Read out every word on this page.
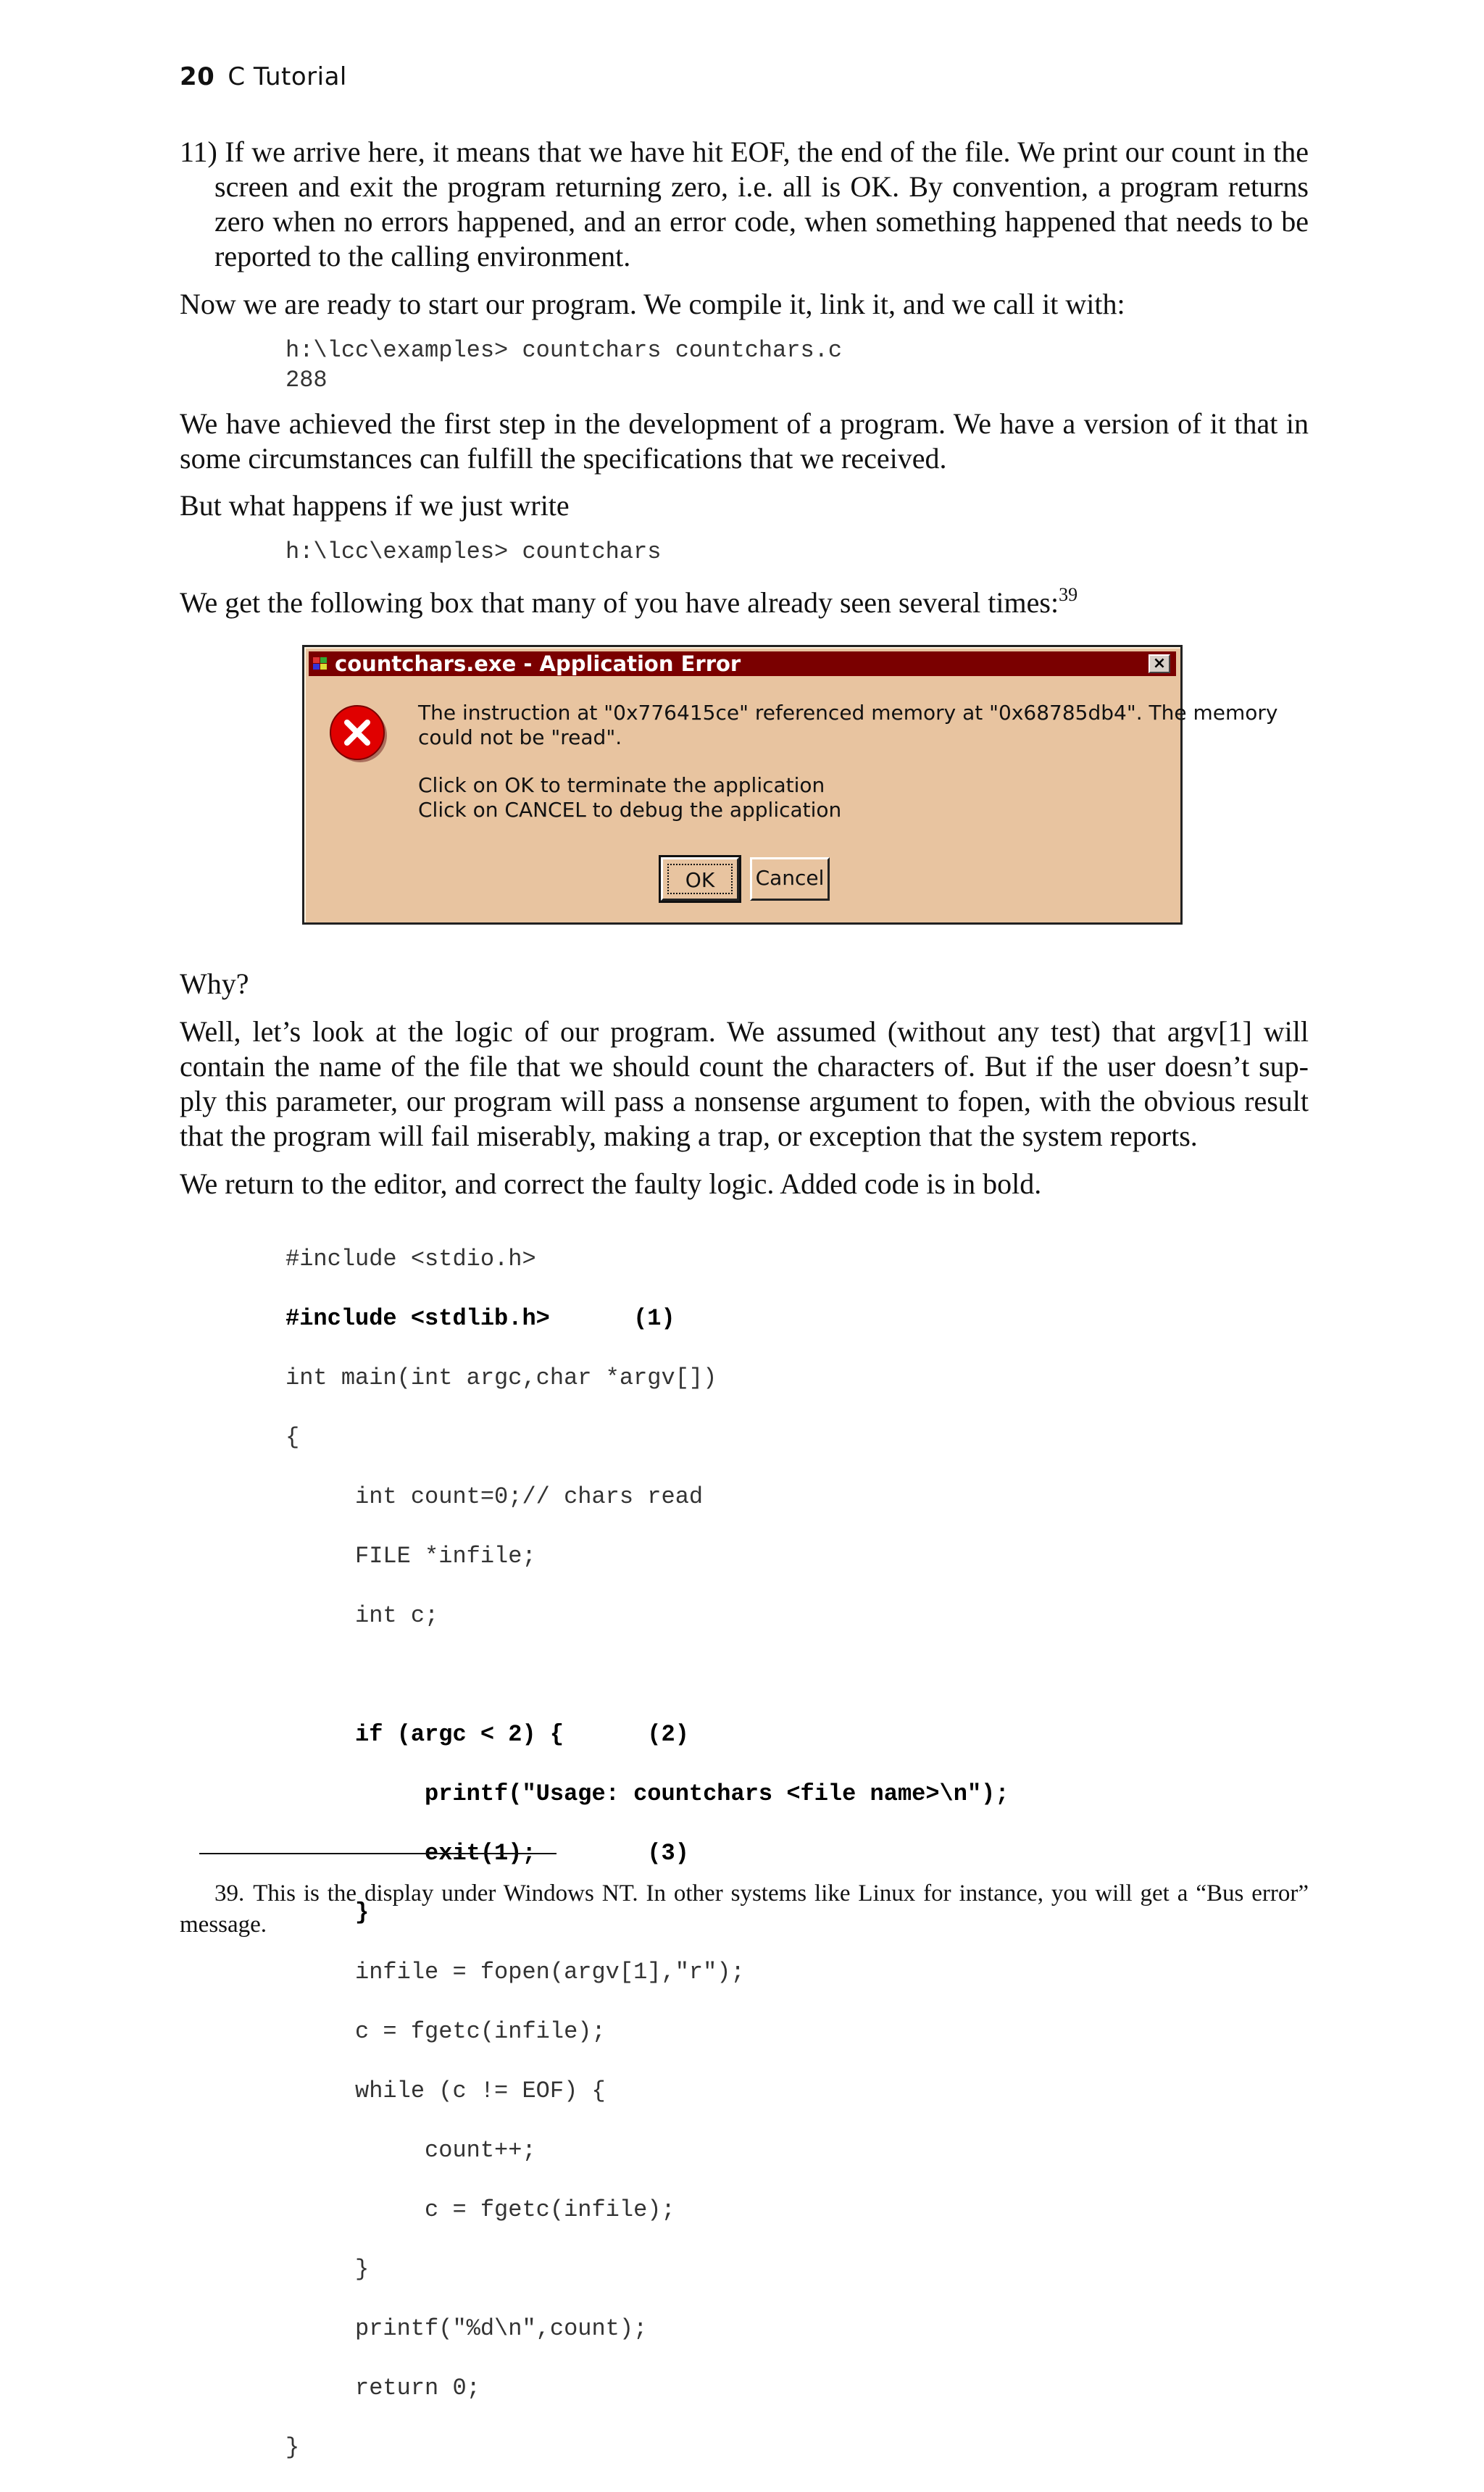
20 C Tutorial

11) If we arrive here, it means that we have hit EOF, the end of the file. We print our count in the screen and exit the program returning zero, i.e. all is OK. By convention, a program returns zero when no errors happened, and an error code, when something happened that needs to be reported to the calling environment.

Now we are ready to start our program. We compile it, link it, and we call it with:

h:\lcc\examples> countchars countchars.c
288

We have achieved the first step in the development of a program. We have a version of it that in some circumstances can fulfill the specifications that we received.

But what happens if we just write

h:\lcc\examples> countchars

We get the following box that many of you have already seen several times:$^{39}$

countchars.exe - Application Error	×
The instruction at "0x776415ce" referenced memory at "0x68785db4". The memory
could not be "read".
Click on OK to terminate the application
Click on CANCEL to debug the application
OK	Cancel

Why?

Well, let’s look at the logic of our program. We assumed (without any test) that argv[1] will contain the name of the file that we should count the characters of. But if the user doesn’t sup-ply this parameter, our program will pass a nonsense argument to fopen, with the obvious result that the program will fail miserably, making a trap, or exception that the system reports.

We return to the editor, and correct the faulty logic. Added code is in bold.

#include <stdio.h>

#include <stdlib.h>      (1)

int main(int argc,char *argv[])

{

int count=0;// chars read

FILE *infile;

int c;

if (argc < 2) {      (2)

printf("Usage: countchars <file name>\n");

exit(1);        (3)

}

infile = fopen(argv[1],"r");

c = fgetc(infile);

while (c != EOF) {

count++;

c = fgetc(infile);

}

printf("%d\n",count);

return 0;

}

39. This is the display under Windows NT. In other systems like Linux for instance, you will get a “Bus error” message.
